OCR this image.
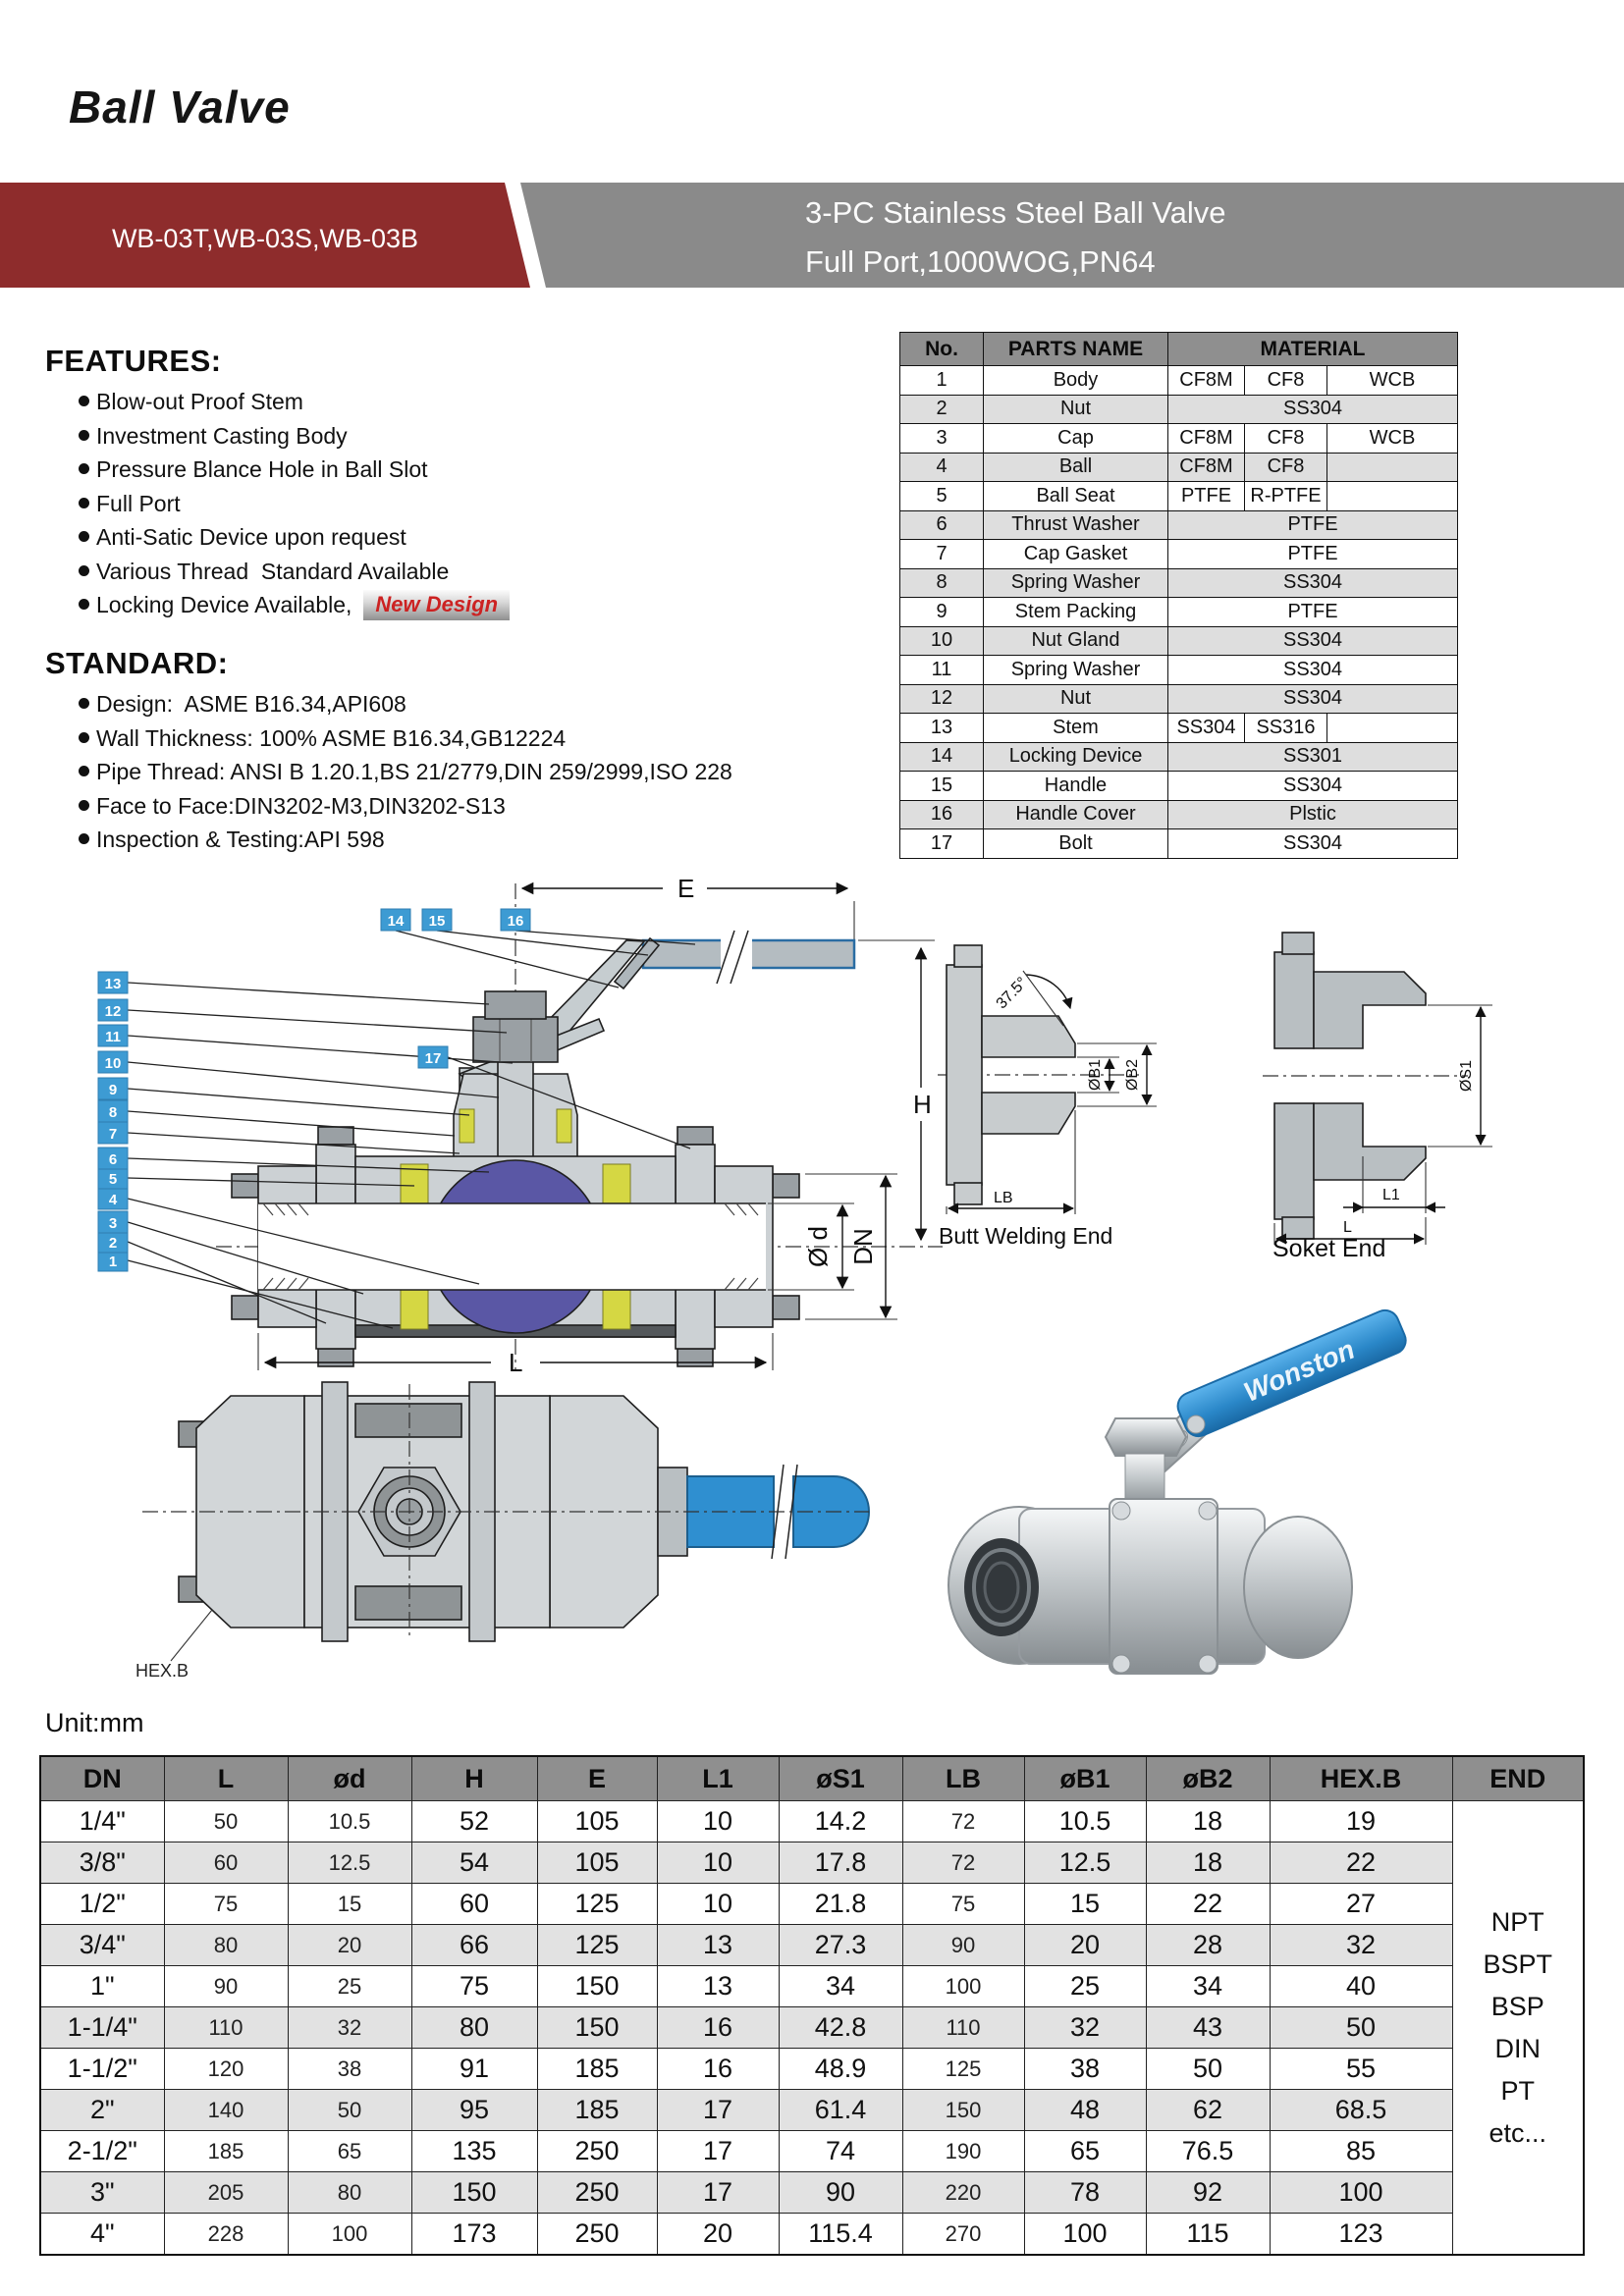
Ball Valve
WB-03T,WB-03S,WB-03B
3-PC Stainless Steel Ball Valve
Full Port,1000WOG,PN64
FEATURES:
Blow-out Proof Stem
Investment Casting Body
Pressure Blance Hole in Ball Slot
Full Port
Anti-Satic Device upon request
Various Thread  Standard Available
Locking Device Available,	New Design
STANDARD:
Design:  ASME B16.34,API608
Wall Thickness: 100% ASME B16.34,GB12224
Pipe Thread: ANSI B 1.20.1,BS 21/2779,DIN 259/2999,ISO 228
Face to Face:DIN3202-M3,DIN3202-S13
Inspection & Testing:API 598
No.	PARTS NAME	MATERIAL		
1	Body	CF8M	CF8	WCB
2	Nut	SS304		
3	Cap	CF8M	CF8	WCB
4	Ball	CF8M	CF8	
5	Ball Seat	PTFE	R-PTFE	
6	Thrust Washer	PTFE		
7	Cap Gasket	PTFE		
8	Spring Washer	SS304		
9	Stem Packing	PTFE		
10	Nut Gland	SS304		
11	Spring Washer	SS304		
12	Nut	SS304		
13	Stem	SS304	SS316	
14	Locking Device	SS301		
15	Handle	SS304		
16	Handle Cover	Plstic		
17	Bolt	SS304		
E
H
Ø d DN
L
1
2
3
4
5
6
7
8
9
10
11
12
13
14 15	16
17
37.5°
ØB1 ØB2
LB
Butt Welding End
ØS1
L1
L
Soket End
HEX.B
Wonston
Unit:mm
DN	L	ød	H	E	L1	øS1	LB	øB1	øB2	HEX.B	END
1/4"	50	10.5	52	105	10	14.2	72	10.5	18	19	
NPT
BSPT
BSP
DIN
PT
etc...

3/8"	60	12.5	54	105	10	17.8	72	12.5	18	22	
1/2"	75	15	60	125	10	21.8	75	15	22	27	
3/4"	80	20	66	125	13	27.3	90	20	28	32	
1"	90	25	75	150	13	34	100	25	34	40	
1-1/4"	110	32	80	150	16	42.8	110	32	43	50	
1-1/2"	120	38	91	185	16	48.9	125	38	50	55	
2"	140	50	95	185	17	61.4	150	48	62	68.5	
2-1/2"	185	65	135	250	17	74	190	65	76.5	85	
3"	205	80	150	250	17	90	220	78	92	100	
4"	228	100	173	250	20	115.4	270	100	115	123	
